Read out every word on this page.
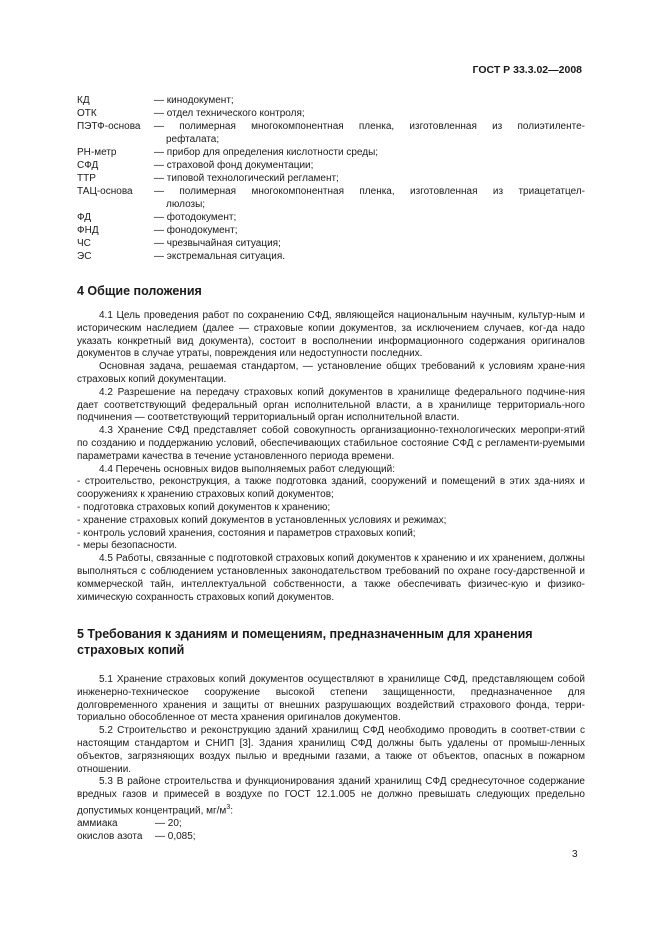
ГОСТ Р 33.3.02—2008
КД	— кинодокумент;
ОТК	— отдел технического контроля;
ПЭТФ-основа	— полимерная многокомпонентная пленка, изготовленная из полиэтиленте-
рефталата;
РН-метр	— прибор для определения кислотности среды;
СФД	— страховой фонд документации;
ТТР	— типовой технологический регламент;
ТАЦ-основа	— полимерная многокомпонентная пленка, изготовленная из триацетатцел-
люлозы;
ФД	— фотодокумент;
ФНД	— фонодокумент;
ЧС	— чрезвычайная ситуация;
ЭС	— экстремальная ситуация.
4 Общие положения

4.1 Цель проведения работ по сохранению СФД, являющейся национальным научным, культур-ным и историческим наследием (далее — страховые копии документов, за исключением случаев, ког-да надо указать конкретный вид документа), состоит в восполнении информационного содержания оригиналов документов в случае утраты, повреждения или недоступности последних.

Основная задача, решаемая стандартом, — установление общих требований к условиям хране-ния страховых копий документации.

4.2 Разрешение на передачу страховых копий документов в хранилище федерального подчине-ния дает соответствующий федеральный орган исполнительной власти, а в хранилище территориаль-ного подчинения — соответствующий территориальный орган исполнительной власти.

4.3 Хранение СФД представляет собой совокупность организационно-технологических меропри-ятий по созданию и поддержанию условий, обеспечивающих стабильное состояние СФД с регламенти-руемыми параметрами качества в течение установленного периода времени.

4.4 Перечень основных видов выполняемых работ следующий:

- строительство, реконструкция, а также подготовка зданий, сооружений и помещений в этих зда-ниях и сооружениях к хранению страховых копий документов;

- подготовка страховых копий документов к хранению;

- хранение страховых копий документов в установленных условиях и режимах;

- контроль условий хранения, состояния и параметров страховых копий;

- меры безопасности.

4.5 Работы, связанные с подготовкой страховых копий документов к хранению и их хранением, должны выполняться с соблюдением установленных законодательством требований по охране госу-дарственной и коммерческой тайн, интеллектуальной собственности, а также обеспечивать физичес-кую и физико-химическую сохранность страховых копий документов.

5 Требования к зданиям и помещениям, предназначенным для хранения
страховых копий

5.1 Хранение страховых копий документов осуществляют в хранилище СФД, представляющем собой инженерно-техническое сооружение высокой степени защищенности, предназначенное для долговременного хранения и защиты от внешних разрушающих воздействий страхового фонда, терри-ториально обособленное от места хранения оригиналов документов.

5.2 Строительство и реконструкцию зданий хранилищ СФД необходимо проводить в соответ-ствии с настоящим стандартом и СНИП [3]. Здания хранилищ СФД должны быть удалены от промыш-ленных объектов, загрязняющих воздух пылью и вредными газами, а также от объектов, опасных в пожарном отношении.

5.3 В районе строительства и функционирования зданий хранилищ СФД среднесуточное содержание вредных газов и примесей в воздухе по ГОСТ 12.1.005 не должно превышать следующих предельно допустимых концентраций, $мг/м^3$:

аммиака	— 20;
окислов азота	— 0,085;
3
